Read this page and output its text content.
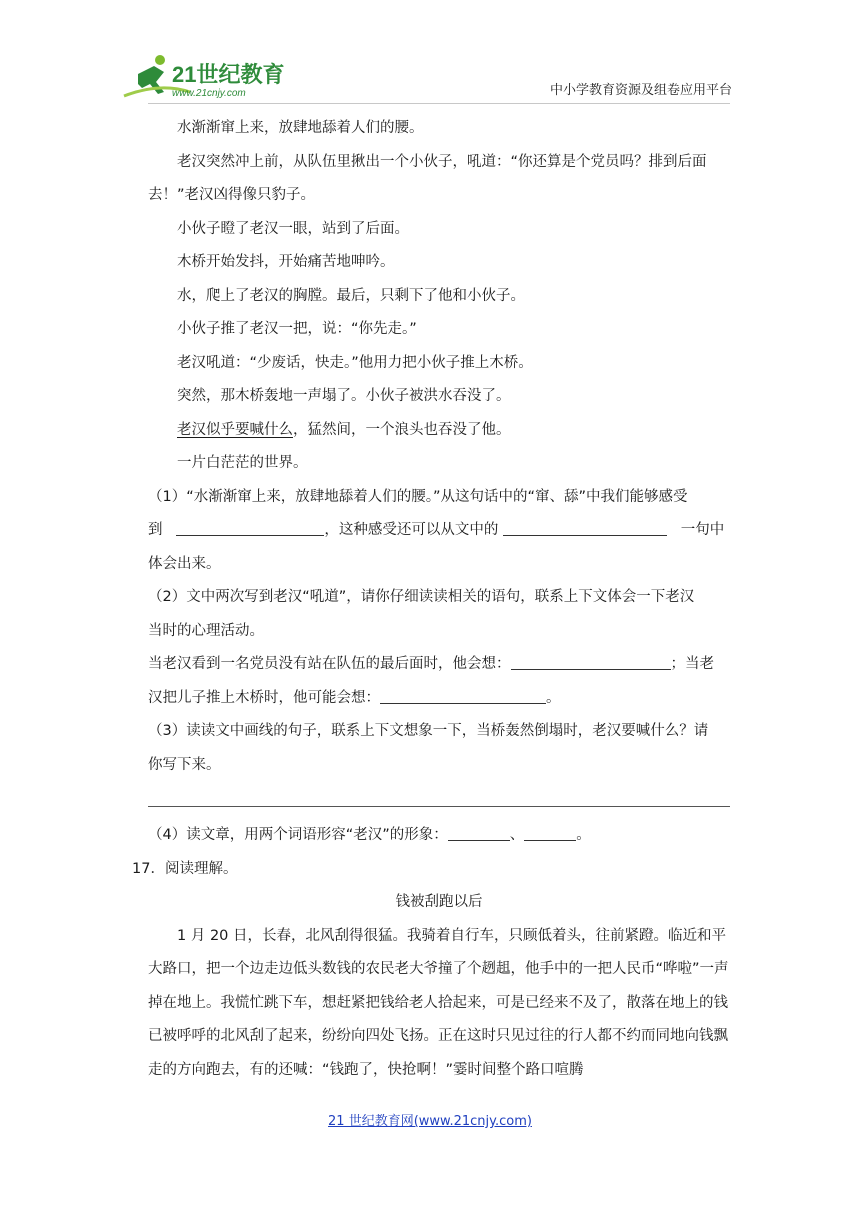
21世纪教育
www.21cnjy.com	中小学教育资源及组卷应用平台

水渐渐窜上来，放肆地舔着人们的腰。

老汉突然冲上前，从队伍里揪出一个小伙子，吼道：“你还算是个党员吗？排到后面去！”老汉凶得像只豹子。

小伙子瞪了老汉一眼，站到了后面。

木桥开始发抖，开始痛苦地呻吟。

水，爬上了老汉的胸膛。最后，只剩下了他和小伙子。

小伙子推了老汉一把，说：“你先走。”

老汉吼道：“少废话，快走。”他用力把小伙子推上木桥。

突然，那木桥轰地一声塌了。小伙子被洪水吞没了。

老汉似乎要喊什么，猛然间，一个浪头也吞没了他。

一片白茫茫的世界。

（1）“水渐渐窜上来，放肆地舔着人们的腰。”从这句话中的“窜、舔”中我们能够感受

到	，这种感受还可以从文中的	一句中

体会出来。

（2）文中两次写到老汉“吼道”，请你仔细读读相关的语句，联系上下文体会一下老汉

当时的心理活动。

当老汉看到一名党员没有站在队伍的最后面时，他会想：	；当老

汉把儿子推上木桥时，他可能会想：	。

（3）读读文中画线的句子，联系上下文想象一下，当桥轰然倒塌时，老汉要喊什么？请

你写下来。

（4）读文章，用两个词语形容“老汉”的形象：	、	。

17．阅读理解。

钱被刮跑以后

1 月 20 日，长春，北风刮得很猛。我骑着自行车，只顾低着头，往前紧蹬。临近和平大路口，把一个边走边低头数钱的农民老大爷撞了个趔趄，他手中的一把人民币“哗啦”一声掉在地上。我慌忙跳下车，想赶紧把钱给老人拾起来，可是已经来不及了，散落在地上的钱已被呼呼的北风刮了起来，纷纷向四处飞扬。正在这时只见过往的行人都不约而同地向钱飘走的方向跑去，有的还喊：“钱跑了，快抢啊！”霎时间整个路口喧腾

21 世纪教育网(www.21cnjy.com)
